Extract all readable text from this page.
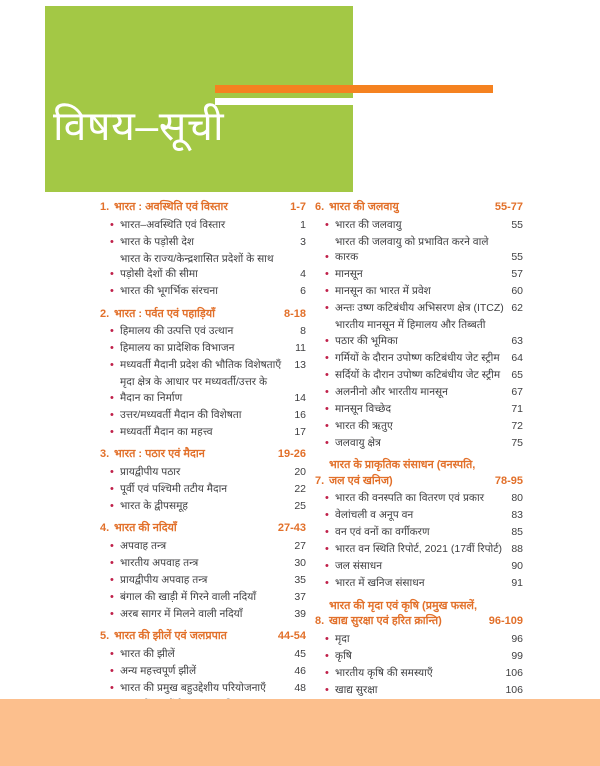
विषय–सूची
1. भारत : अवस्थिति एवं विस्तार	1-7
• भारत–अवस्थिति एवं विस्तार	1
• भारत के पड़ोसी देश	3
•
भारत के राज्य/केन्द्रशासित प्रदेशों के साथ पड़ोसी देशों की सीमा	4
• भारत की भूगर्भिक संरचना	6
2. भारत : पर्वत एवं पहाड़ियाँ	8-18
• हिमालय की उत्पत्ति एवं उत्थान	8
• हिमालय का प्रादेशिक विभाजन	11
• मध्यवर्ती मैदानी प्रदेश की भौतिक विशेषताएँ	13
•
मृदा क्षेत्र के आधार पर मध्यवर्ती/उत्तर के मैदान का निर्माण	14
• उत्तर/मध्यवर्ती मैदान की विशेषता	16
• मध्यवर्ती मैदान का महत्त्व	17
3. भारत : पठार एवं मैदान	19-26
• प्रायद्वीपीय पठार	20
• पूर्वी एवं पश्चिमी तटीय मैदान	22
• भारत के द्वीपसमूह	25
4. भारत की नदियाँ	27-43
• अपवाह तन्त्र	27
• भारतीय अपवाह तन्त्र	30
• प्रायद्वीपीय अपवाह तन्त्र	35
• बंगाल की खाड़ी में गिरने वाली नदियाँ	37
• अरब सागर में मिलने वाली नदियाँ	39
5. भारत की झीलें एवं जलप्रपात	44-54
• भारत की झीलें	45
• अन्य महत्त्वपूर्ण झीलें	46
• भारत की प्रमुख बहुउद्देशीय परियोजनाएँ	48
6. भारत की जलवायु	55-77
• भारत की जलवायु	55
•
भारत की जलवायु को प्रभावित करने वाले कारक	55
• मानसून	57
• मानसून का भारत में प्रवेश	60
• अन्तः उष्ण कटिबंधीय अभिसरण क्षेत्र (ITCZ) 62
•
भारतीय मानसून में हिमालय और तिब्बती पठार की भूमिका	63
• गर्मियों के दौरान उपोष्ण कटिबंधीय जेट स्ट्रीम	64
• सर्दियों के दौरान उपोष्ण कटिबंधीय जेट स्ट्रीम	65
• अलनीनो और भारतीय मानसून	67
• मानसून विच्छेद	71
• भारत की ऋतुए	72
• जलवायु क्षेत्र	75
7.
भारत के प्राकृतिक संसाधन (वनस्पति, जल एवं खनिज)	78-95
• भारत की वनस्पति का वितरण एवं प्रकार	80
• वेलांचली व अनूप वन	83
• वन एवं वनों का वर्गीकरण	85
• भारत वन स्थिति रिपोर्ट, 2021 (17वीं रिपोर्ट) 88
• जल संसाधन	90
• भारत में खनिज संसाधन	91
8.
भारत की मृदा एवं कृषि (प्रमुख फसलें, खाद्य सुरक्षा एवं हरित क्रान्ति)	96-109
• मृदा	96
• कृषि	99
• भारतीय कृषि की समस्याएँ	106
• खाद्य सुरक्षा	106
